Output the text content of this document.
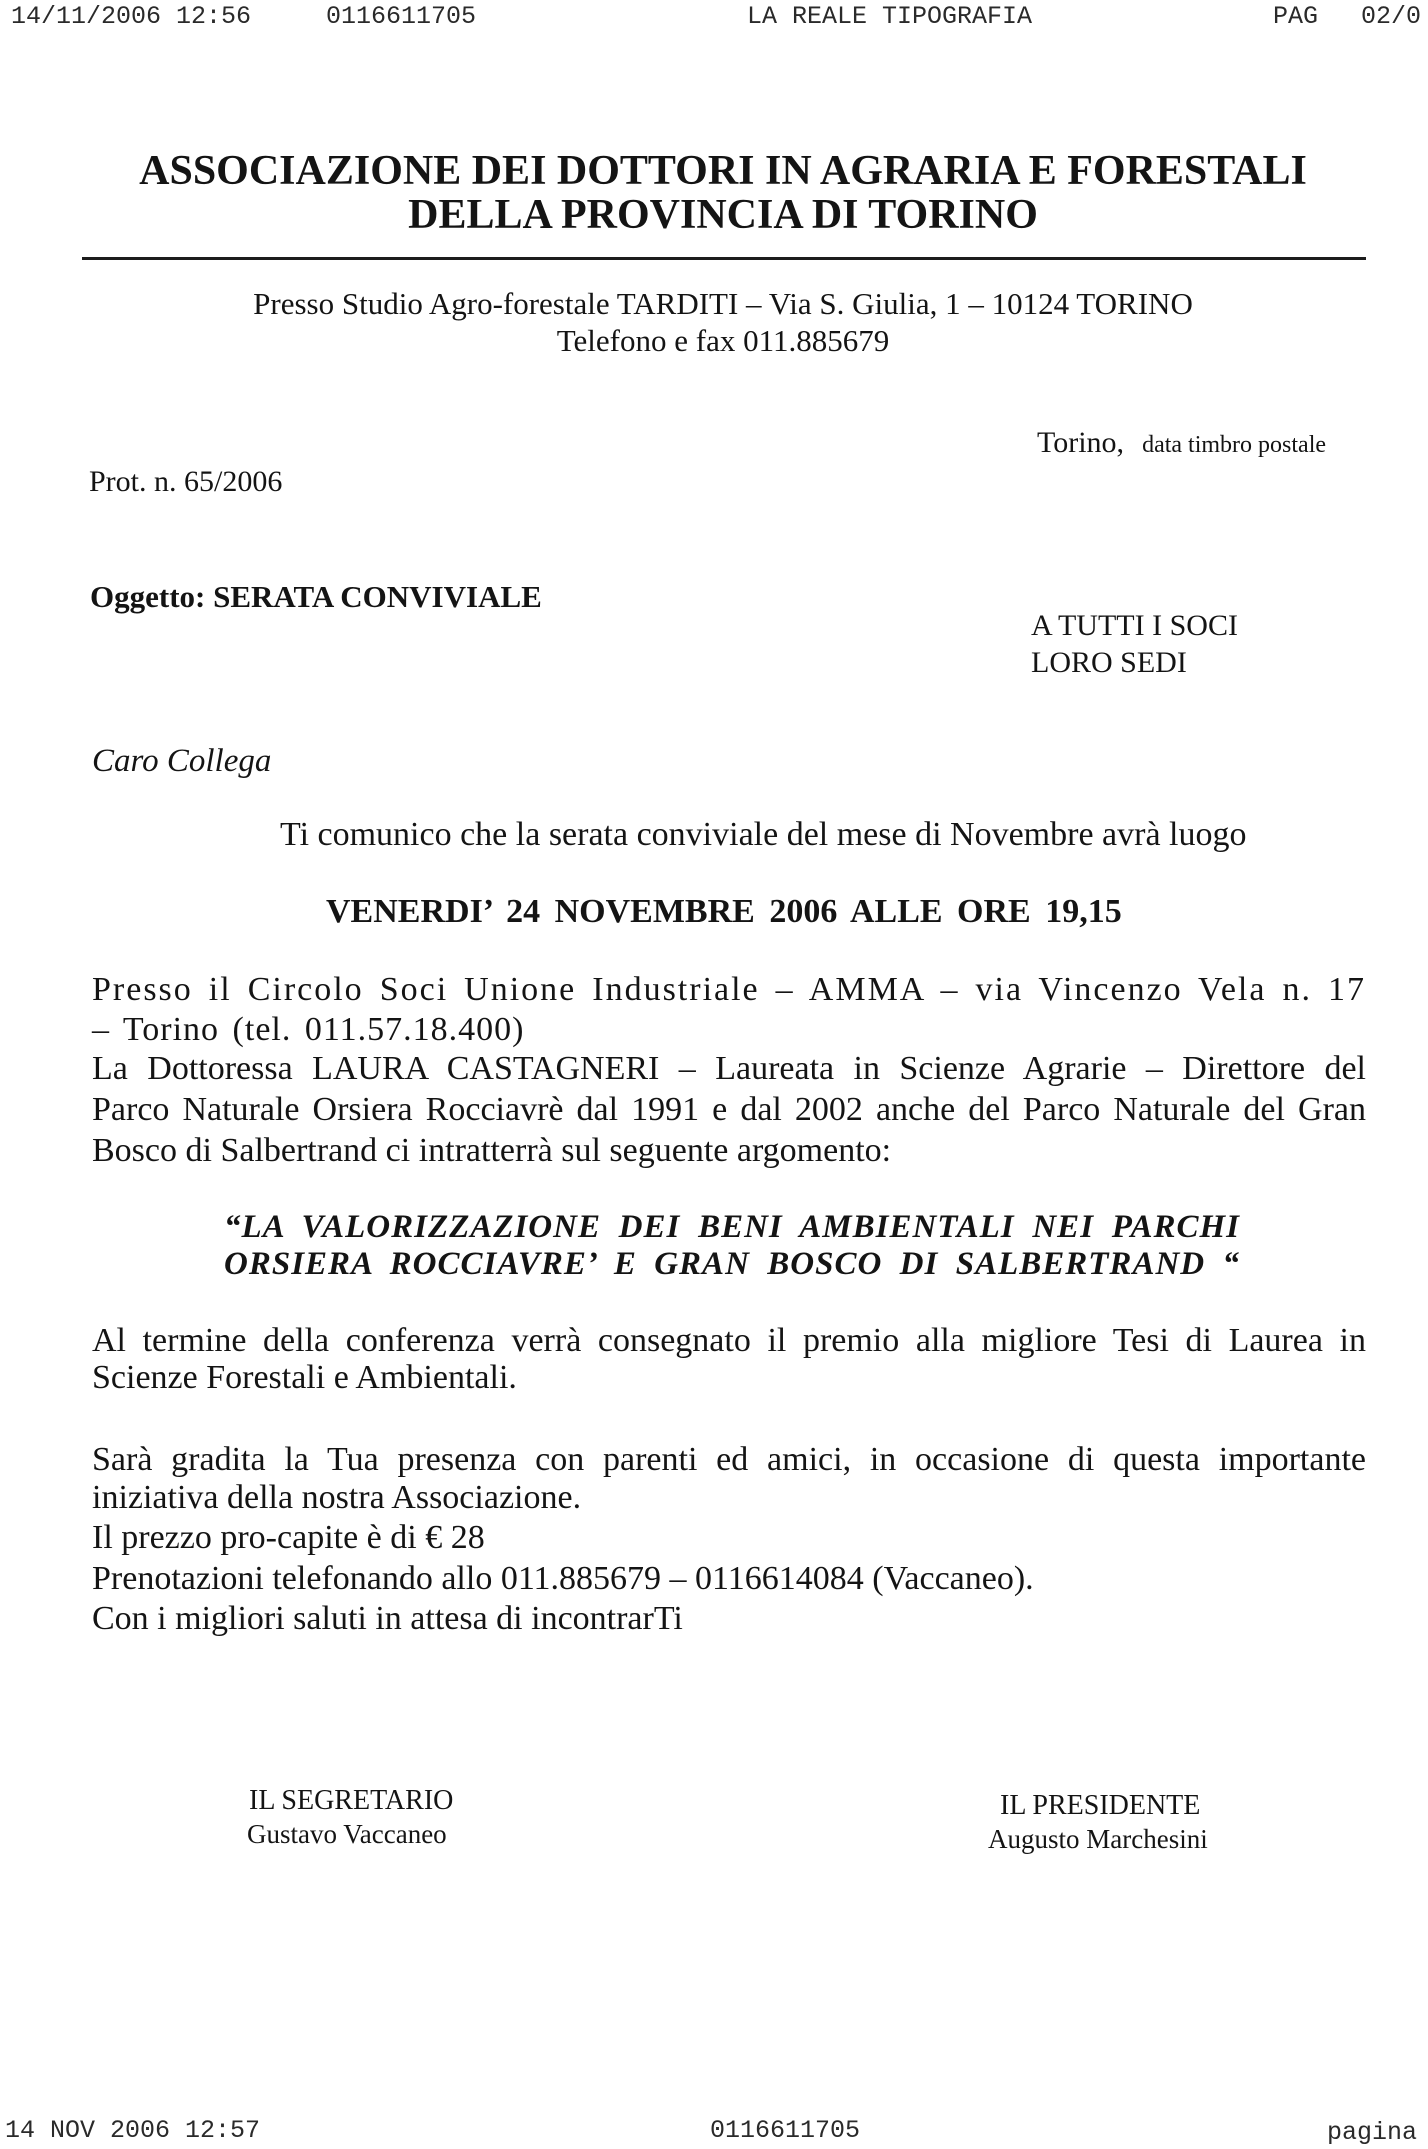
14/11/2006 12:56	0116611705	LA REALE TIPOGRAFIA	PAG 02/0
ASSOCIAZIONE DEI DOTTORI IN AGRARIA E FORESTALI
DELLA PROVINCIA DI TORINO
Presso Studio Agro-forestale TARDITI – Via S. Giulia, 1 – 10124 TORINO
Telefono e fax 011.885679
Torino, data timbro postale
Prot. n. 65/2006
Oggetto: SERATA CONVIVIALE
A TUTTI I SOCI
LORO SEDI
Caro Collega
Ti comunico che la serata conviviale del mese di Novembre avrà luogo
VENERDI’ 24 NOVEMBRE 2006 ALLE ORE 19,15
Presso il Circolo Soci Unione Industriale – AMMA – via Vincenzo Vela n. 17
– Torino (tel. 011.57.18.400)
La Dottoressa LAURA CASTAGNERI – Laureata in Scienze Agrarie – Direttore del
Parco Naturale Orsiera Rocciavrè dal 1991 e dal 2002 anche del Parco Naturale del Gran
Bosco di Salbertrand ci intratterrà sul seguente argomento:
“LA VALORIZZAZIONE DEI BENI AMBIENTALI NEI PARCHI
ORSIERA ROCCIAVRE’ E GRAN BOSCO DI SALBERTRAND “
Al termine della conferenza verrà consegnato il premio alla migliore Tesi di Laurea in
Scienze Forestali e Ambientali.
Sarà gradita la Tua presenza con parenti ed amici, in occasione di questa importante
iniziativa della nostra Associazione.
Il prezzo pro-capite è di € 28
Prenotazioni telefonando allo 011.885679 – 0116614084 (Vaccaneo).
Con i migliori saluti in attesa di incontrarTi
IL SEGRETARIO
Gustavo Vaccaneo
IL PRESIDENTE
Augusto Marchesini
14 NOV 2006 12:57	0116611705	pagina
